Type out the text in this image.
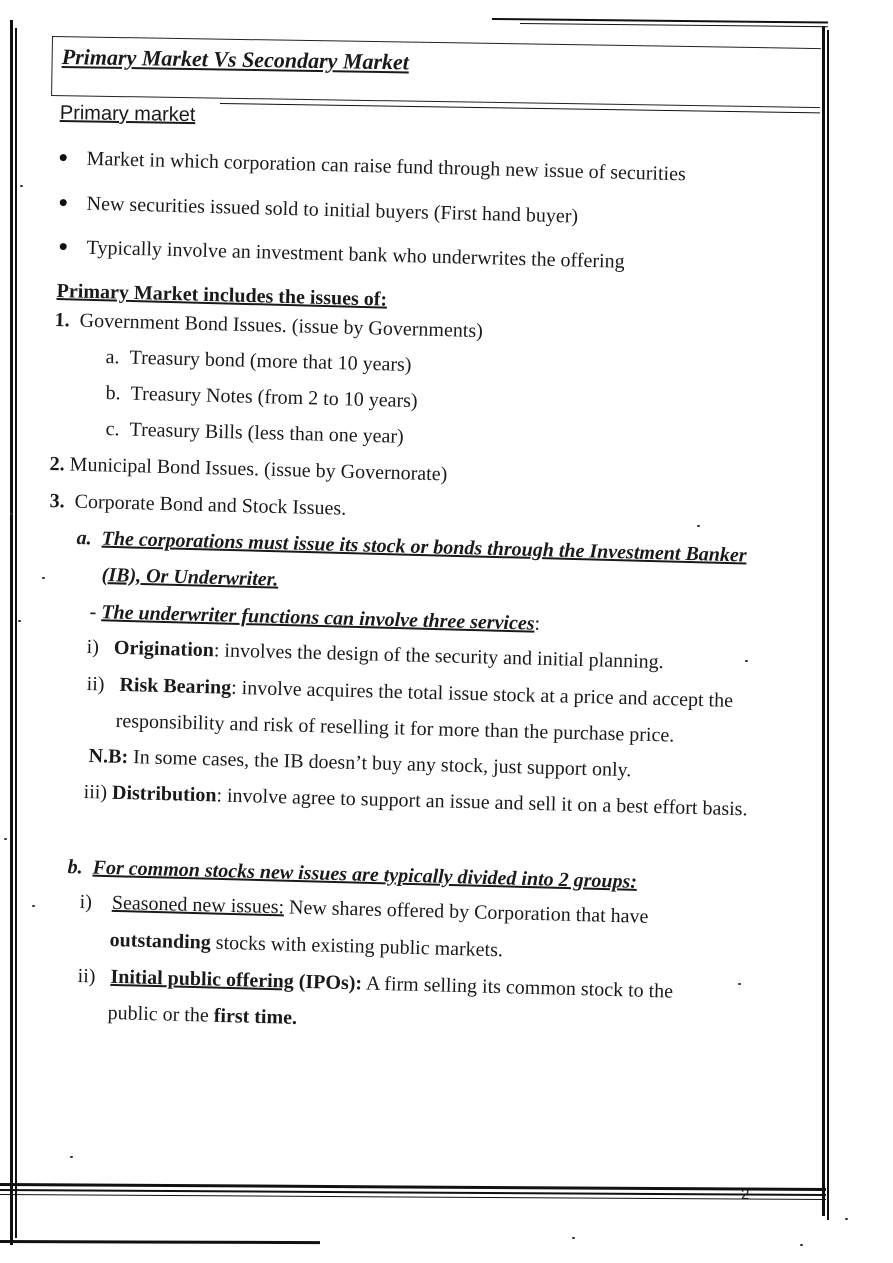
Primary Market Vs Secondary Market
Primary market
Market in which corporation can raise fund through new issue of securities
New securities issued sold to initial buyers (First hand buyer)
Typically involve an investment bank who underwrites the offering
Primary Market includes the issues of:
1. Government Bond Issues. (issue by Governments)
a. Treasury bond (more that 10 years)
b. Treasury Notes (from 2 to 10 years)
c. Treasury Bills (less than one year)
2. Municipal Bond Issues. (issue by Governorate)
3. Corporate Bond and Stock Issues.
a. The corporations must issue its stock or bonds through the Investment Banker
(IB), Or Underwriter.
- The underwriter functions can involve three services:
i) Origination: involves the design of the security and initial planning.
ii) Risk Bearing: involve acquires the total issue stock at a price and accept the
responsibility and risk of reselling it for more than the purchase price.
N.B: In some cases, the IB doesn’t buy any stock, just support only.
iii) Distribution: involve agree to support an issue and sell it on a best effort basis.
b. For common stocks new issues are typically divided into 2 groups:
i) Seasoned new issues: New shares offered by Corporation that have
outstanding stocks with existing public markets.
ii) Initial public offering (IPOs): A firm selling its common stock to the
public or the first time.
2
